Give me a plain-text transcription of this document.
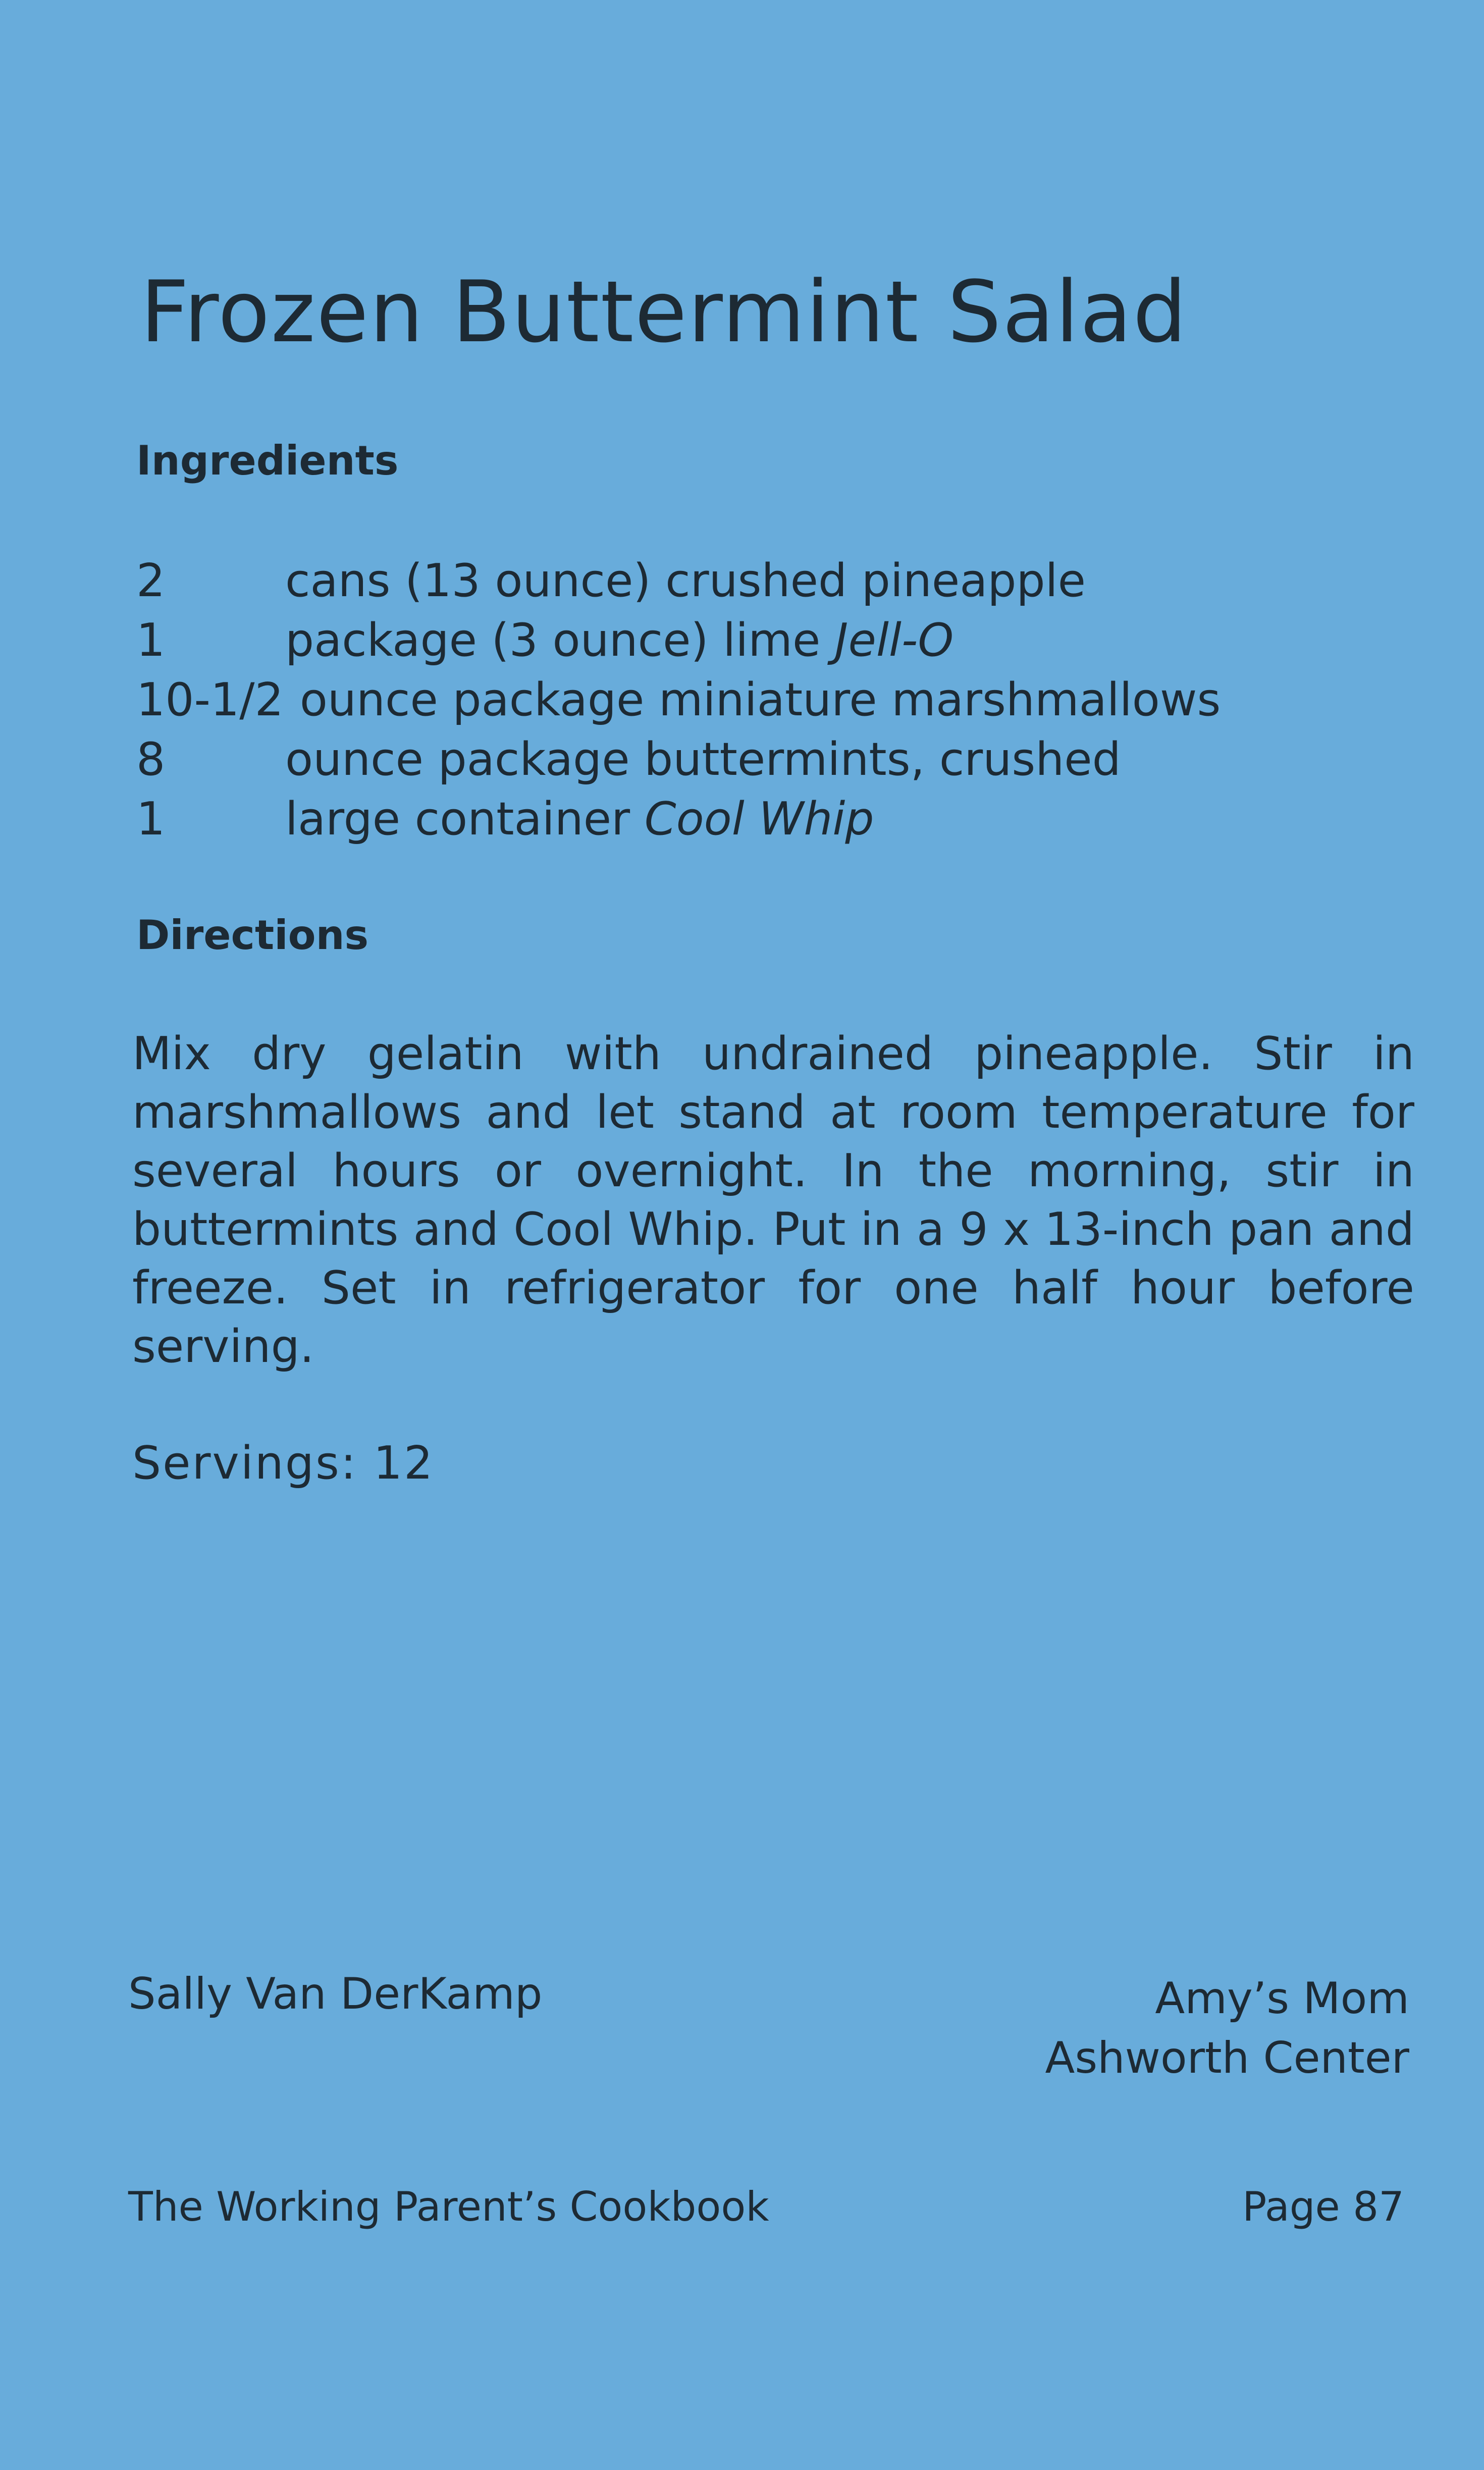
Frozen Buttermint Salad
Ingredients
2	cans (13 ounce) crushed pineapple
1	package (3 ounce) lime Jell-O
10-1/2 ounce package miniature marshmallows
8	ounce package buttermints, crushed
1	large container Cool Whip
Directions

Mix dry gelatin with undrained pineapple. Stir in marshmallows and let stand at room temperature for several hours or overnight. In the morning, stir in buttermints and Cool Whip. Put in a 9 x 13-inch pan and freeze. Set in refrigerator for one half hour before serving.

Servings: 12

Sally Van DerKamp	Amy’s Mom
Ashworth Center

The Working Parent’s Cookbook	Page 87
